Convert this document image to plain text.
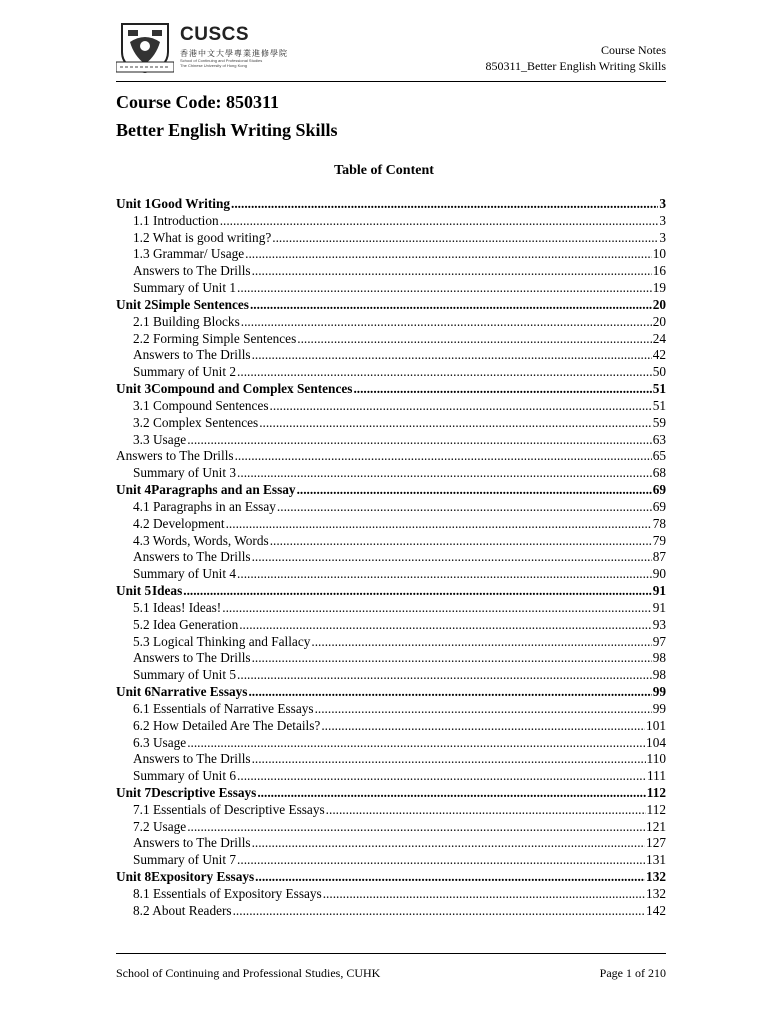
CUSCS
香港中文大學專業進修學院
School of Continuing and Professional Studies
The Chinese University of Hong Kong
Course Notes
850311_Better English Writing Skills
Course Code: 850311
Better English Writing Skills
Table of Content
Unit 1 Good Writing .....	3
1.1 Introduction .....	3
1.2 What is good writing? .....	3
1.3 Grammar/ Usage .....	10
Answers to The Drills .....	16
Summary of Unit 1 .....	19
Unit 2 Simple Sentences .....	20
2.1 Building Blocks .....	20
2.2 Forming Simple Sentences .....	24
Answers to The Drills .....	42
Summary of Unit 2 .....	50
Unit 3 Compound and Complex Sentences .....	51
3.1 Compound Sentences .....	51
3.2 Complex Sentences .....	59
3.3 Usage .....	63
Answers to The Drills .....	65
Summary of Unit 3 .....	68
Unit 4 Paragraphs and an Essay .....	69
4.1 Paragraphs in an Essay .....	69
4.2 Development .....	78
4.3 Words, Words, Words .....	79
Answers to The Drills .....	87
Summary of Unit 4 .....	90
Unit 5 Ideas .....	91
5.1 Ideas! Ideas! .....	91
5.2 Idea Generation .....	93
5.3 Logical Thinking and Fallacy .....	97
Answers to The Drills .....	98
Summary of Unit 5 .....	98
Unit 6 Narrative Essays .....	99
6.1 Essentials of Narrative Essays .....	99
6.2 How Detailed Are The Details? .....	101
6.3 Usage .....	104
Answers to The Drills .....	110
Summary of Unit 6 .....	111
Unit 7 Descriptive Essays .....	112
7.1 Essentials of Descriptive Essays .....	112
7.2 Usage .....	121
Answers to The Drills .....	127
Summary of Unit 7 .....	131
Unit 8 Expository Essays .....	132
8.1 Essentials of Expository Essays .....	132
8.2 About Readers .....	142
School of Continuing and Professional Studies, CUHK	Page 1 of 210
